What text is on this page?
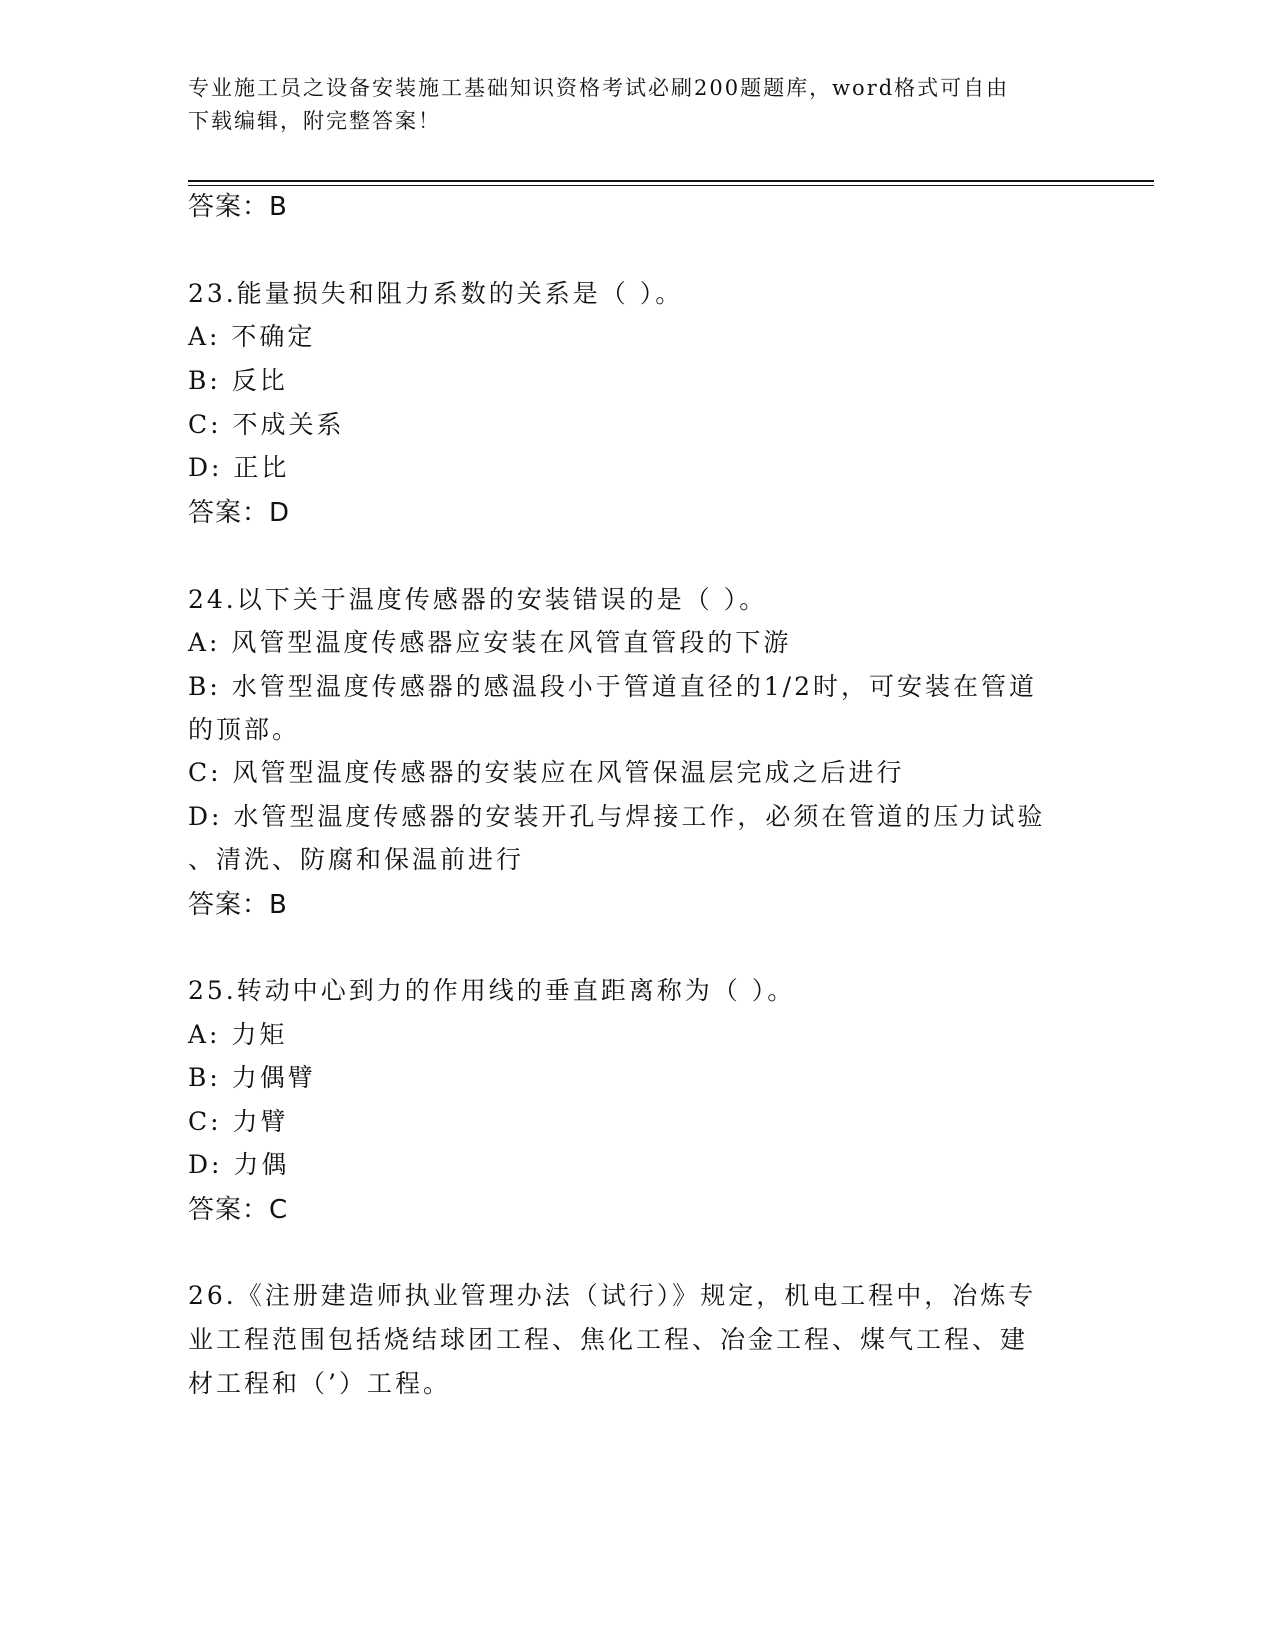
专业施工员之设备安装施工基础知识资格考试必刷200题题库，word格式可自由
下载编辑，附完整答案！
答案：B
23.能量损失和阻力系数的关系是（ ）。
A: 不确定
B: 反比
C: 不成关系
D: 正比
答案：D
24.以下关于温度传感器的安装错误的是（ ）。
A: 风管型温度传感器应安装在风管直管段的下游
B: 水管型温度传感器的感温段小于管道直径的1/2时，可安装在管道
的顶部。
C: 风管型温度传感器的安装应在风管保温层完成之后进行
D: 水管型温度传感器的安装开孔与焊接工作，必须在管道的压力试验
、清洗、防腐和保温前进行
答案：B
25.转动中心到力的作用线的垂直距离称为（ ）。
A: 力矩
B: 力偶臂
C: 力臂
D: 力偶
答案：C
26.《注册建造师执业管理办法（试行）》规定，机电工程中，冶炼专
业工程范围包括烧结球团工程、焦化工程、冶金工程、煤气工程、建
材工程和（’）工程。
